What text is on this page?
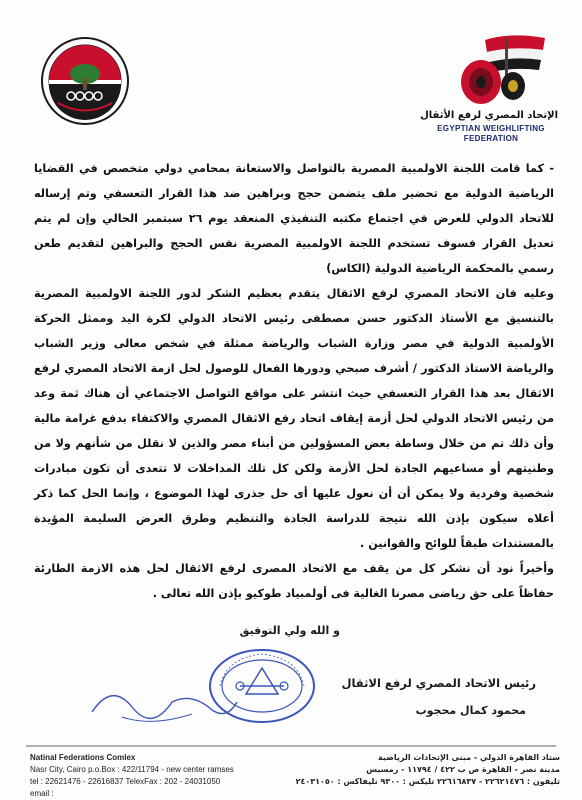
◆◆◆◆◆◆◆	الإتحاد المصري لرفع الأثقال
EGYPTIAN WEIGHLIFTING
FEDERATION

- كما قامت اللجنة الاولمبية المصرية بالتواصل والاستعانة بمحامي دولي متخصص في القضايا الرياضية الدولية مع تحضير ملف يتضمن حجج وبراهين ضد هذا القرار التعسفي وتم إرساله للاتحاد الدولي للعرض في اجتماع مكتبه التنفيذي المنعقد يوم ٢٦ سبتمبر الحالي وإن لم يتم تعديل القرار فسوف تستخدم اللجنة الاولمبية المصرية نفس الحجج والبراهين لتقديم طعن رسمي بالمحكمة الرياضية الدولية (الكاس)

وعليه فان الاتحاد المصري لرفع الاثقال يتقدم بعظيم الشكر لدور اللجنة الاولمبية المصرية بالتنسيق مع الأستاذ الدكتور حسن مصطفى رئيس الاتحاد الدولي لكرة اليد وممثل الحركة الأولمبية الدولية في مصر وزارة الشباب والرياضة ممثلة في شخص معالى وزير الشباب والرياضة الاستاذ الدكتور / أشرف صبحي ودورها الفعال للوصول لحل ازمة الاتحاد المصري لرفع الاثقال بعد هذا القرار التعسفي حيث انتشر على مواقع التواصل الاجتماعي أن هناك ثمة وعد من رئيس الاتحاد الدولي لحل أزمة إيقاف اتحاد رفع الاثقال المصري والاكتفاء بدفع غرامة مالية وأن ذلك تم من خلال وساطة بعض المسؤولين من أبناء مصر والذين لا نقلل من شأنهم ولا من وطنيتهم أو مساعيهم الجادة لحل الأزمة ولكن كل تلك المداخلات لا تتعدى أن تكون مبادرات شخصية وفردية ولا يمكن أن أن نعول عليها أى حل جذرى لهذا الموضوع ، وإنما الحل كما ذكر أعلاه سيكون بإذن الله نتيجة للدراسة الجادة والتنظيم وطرق العرض السليمة المؤيدة بالمستندات طبقاً للوائح والقوانين .

وأخيراً نود أن نشكر كل من يقف مع الاتحاد المصرى لرفع الاثقال لحل هذه الازمة الطارئة حفاظاً على حق رياضى مصرنا الغالية فى أولمبياد طوكيو بإذن الله تعالى .

و الله ولي التوفيق
رئيس الاتحاد المصري لرفع الاثقال
محمود كمال محجوب
Natinal Federations Comlex
Nasr City, Cairo p.o.Box : 422/11794 - new center ramses
tel : 22621476 - 22616837 TelexFax : 202 - 24031050
email :
ستاد القاهرة الدولي - مبنى الإتحادات الرياضية
مدينة نصر - القاهرة ص ب ٤٢٢ / ١١٧٩٤ - رمسيس
تليفون : ٢٢٦٢١٤٧٦ - ٢٢٦١٦٨٣٧ تليكس : ٩٣٠٠ تليفاكس : ٢٤٠٣١٠٥٠
